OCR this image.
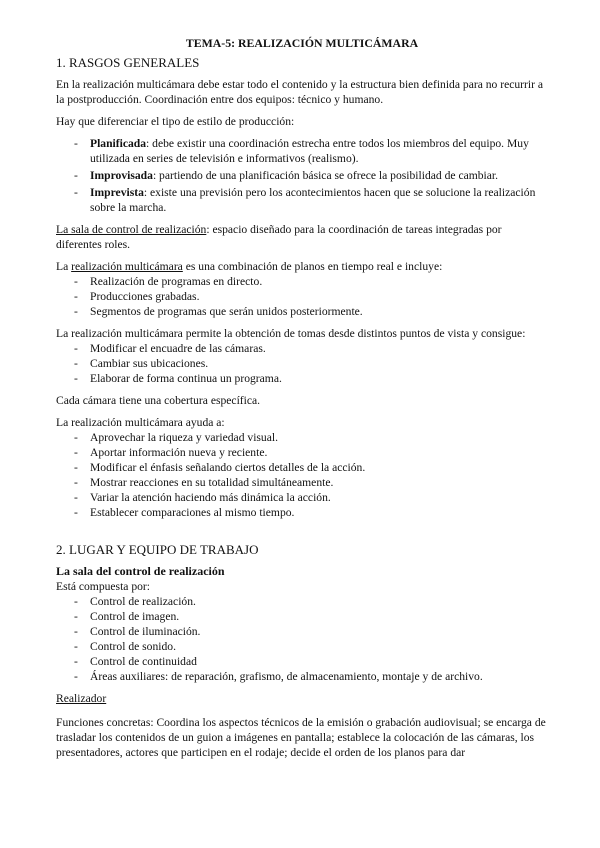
TEMA-5: REALIZACIÓN MULTICÁMARA
1. RASGOS GENERALES
En la realización multicámara debe estar todo el contenido y la estructura bien definida para no recurrir a la postproducción. Coordinación entre dos equipos: técnico y humano.
Hay que diferenciar el tipo de estilo de producción:
- Planificada: debe existir una coordinación estrecha entre todos los miembros del equipo. Muy utilizada en series de televisión e informativos (realismo).
- Improvisada: partiendo de una planificación básica se ofrece la posibilidad de cambiar.
- Imprevista: existe una previsión pero los acontecimientos hacen que se solucione la realización sobre la marcha.
La sala de control de realización: espacio diseñado para la coordinación de tareas integradas por diferentes roles.
La realización multicámara es una combinación de planos en tiempo real e incluye:
- Realización de programas en directo.
- Producciones grabadas.
- Segmentos de programas que serán unidos posteriormente.
La realización multicámara permite la obtención de tomas desde distintos puntos de vista y consigue:
- Modificar el encuadre de las cámaras.
- Cambiar sus ubicaciones.
- Elaborar de forma continua un programa.
Cada cámara tiene una cobertura específica.
La realización multicámara ayuda a:
- Aprovechar la riqueza y variedad visual.
- Aportar información nueva y reciente.
- Modificar el énfasis señalando ciertos detalles de la acción.
- Mostrar reacciones en su totalidad simultáneamente.
- Variar la atención haciendo más dinámica la acción.
- Establecer comparaciones al mismo tiempo.
2. LUGAR Y EQUIPO DE TRABAJO
La sala del control de realización
Está compuesta por:
- Control de realización.
- Control de imagen.
- Control de iluminación.
- Control de sonido.
- Control de continuidad
- Áreas auxiliares: de reparación, grafismo, de almacenamiento, montaje y de archivo.
Realizador
Funciones concretas: Coordina los aspectos técnicos de la emisión o grabación audiovisual; se encarga de trasladar los contenidos de un guion a imágenes en pantalla; establece la colocación de las cámaras, los presentadores, actores que participen en el rodaje; decide el orden de los planos para dar
